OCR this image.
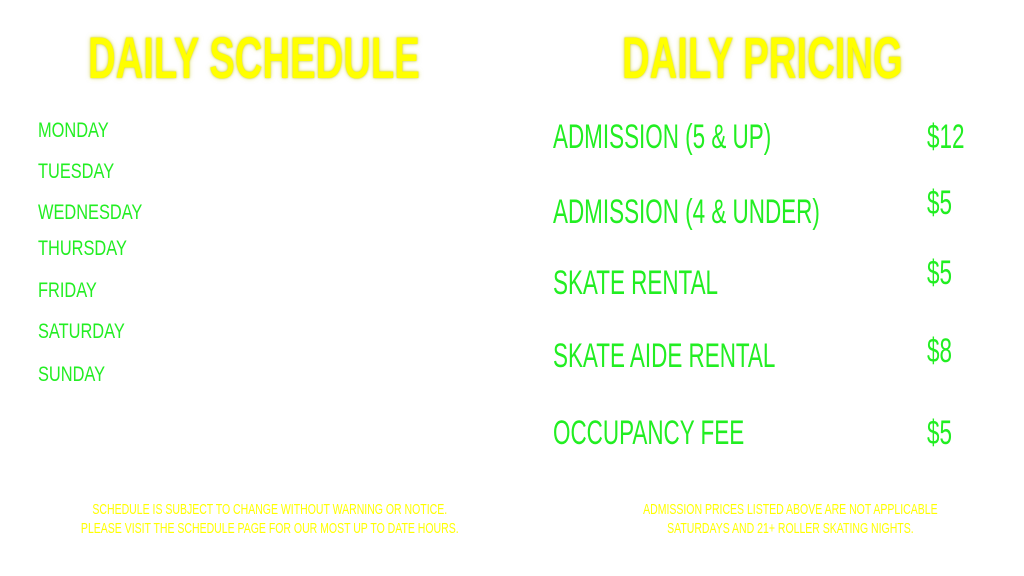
DAILY SCHEDULE
MONDAY
TUESDAY
WEDNESDAY
THURSDAY
FRIDAY
SATURDAY
SUNDAY
DAILY PRICING
ADMISSION (5 & UP)	$12
ADMISSION (4 & UNDER)	$5
SKATE RENTAL	$5
SKATE AIDE RENTAL	$8
OCCUPANCY FEE	$5
SCHEDULE IS SUBJECT TO CHANGE WITHOUT WARNING OR NOTICE.
PLEASE VISIT THE SCHEDULE PAGE FOR OUR MOST UP TO DATE HOURS.
ADMISSION PRICES LISTED ABOVE ARE NOT APPLICABLE
SATURDAYS AND 21+ ROLLER SKATING NIGHTS.
